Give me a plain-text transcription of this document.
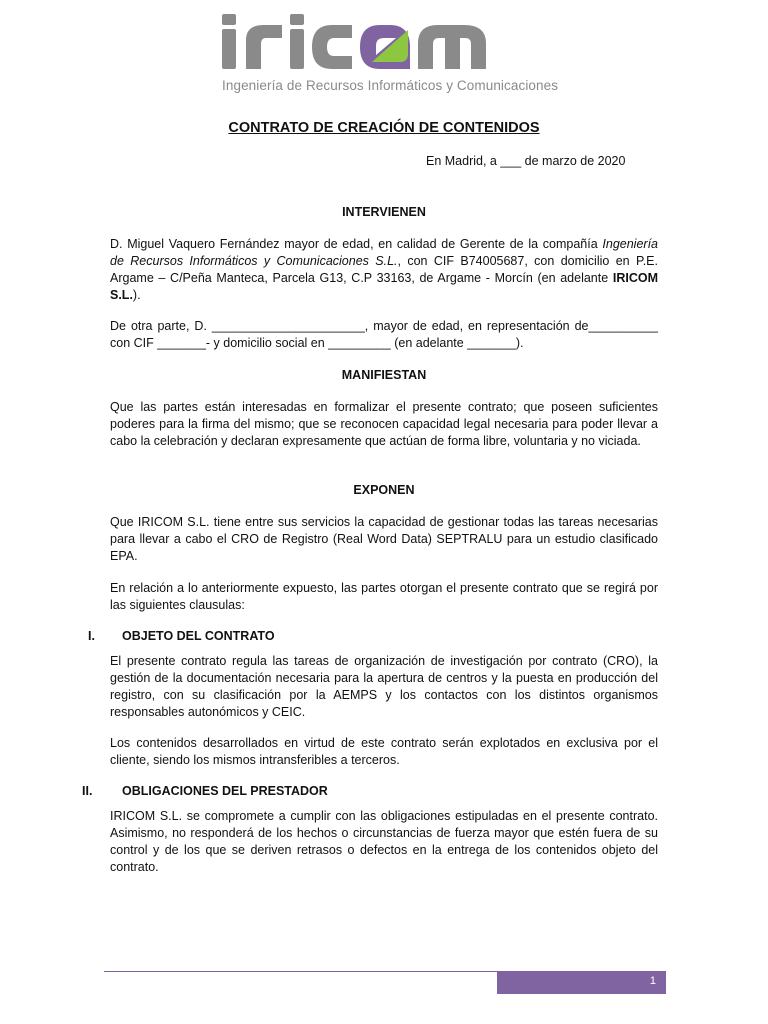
Ingeniería de Recursos Informáticos y Comunicaciones
CONTRATO DE CREACIÓN DE CONTENIDOS
En Madrid, a ___ de marzo de 2020
INTERVIENEN
D. Miguel Vaquero Fernández mayor de edad, en calidad de Gerente de la compañía Ingeniería de Recursos Informáticos y Comunicaciones S.L., con CIF B74005687, con domicilio en P.E. Argame – C/Peña Manteca, Parcela G13, C.P 33163, de Argame - Morcín (en adelante IRICOM S.L.).
De otra parte, D. ______________________, mayor de edad, en representación de__________ con CIF _______- y domicilio social en _________ (en adelante _______).
MANIFIESTAN
Que las partes están interesadas en formalizar el presente contrato; que poseen suficientes poderes para la firma del mismo; que se reconocen capacidad legal necesaria para poder llevar a cabo la celebración y declaran expresamente que actúan de forma libre, voluntaria y no viciada.
EXPONEN
Que IRICOM S.L. tiene entre sus servicios la capacidad de gestionar todas las tareas necesarias para llevar a cabo el CRO de Registro (Real Word Data) SEPTRALU para un estudio clasificado EPA.
En relación a lo anteriormente expuesto, las partes otorgan el presente contrato que se regirá por las siguientes clausulas:
I. OBJETO DEL CONTRATO
El presente contrato regula las tareas de organización de investigación por contrato (CRO), la gestión de la documentación necesaria para la apertura de centros y la puesta en producción del registro, con su clasificación por la AEMPS y los contactos con los distintos organismos responsables autonómicos y CEIC.
Los contenidos desarrollados en virtud de este contrato serán explotados en exclusiva por el cliente, siendo los mismos intransferibles a terceros.
II. OBLIGACIONES DEL PRESTADOR
IRICOM S.L. se compromete a cumplir con las obligaciones estipuladas en el presente contrato. Asimismo, no responderá de los hechos o circunstancias de fuerza mayor que estén fuera de su control y de los que se deriven retrasos o defectos en la entrega de los contenidos objeto del contrato.
1
